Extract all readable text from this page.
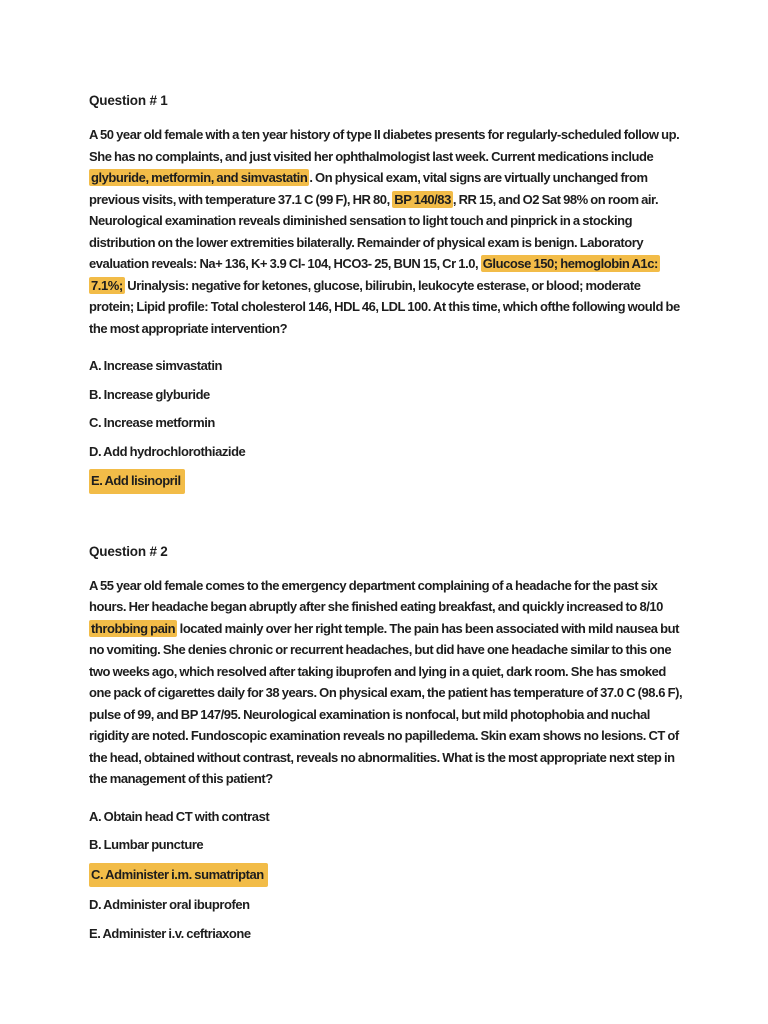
Question # 1

A 50 year old female with a ten year history of type II diabetes presents for regularly-scheduled follow up. She has no complaints, and just visited her ophthalmologist last week. Current medications include glyburide, metformin, and simvastatin . On physical exam, vital signs are virtually unchanged from previous visits, with temperature 37.1 C (99 F), HR 80, BP 140/83 , RR 15, and O2 Sat 98% on room air. Neurological examination reveals diminished sensation to light touch and pinprick in a stocking distribution on the lower extremities bilaterally. Remainder of physical exam is benign. Laboratory evaluation reveals: Na+ 136, K+ 3.9 Cl- 104, HCO3- 25, BUN 15, Cr 1.0, Glucose 150; hemoglobin A1c: 7.1%; Urinalysis: negative for ketones, glucose, bilirubin, leukocyte esterase, or blood; moderate protein; Lipid profile: Total cholesterol 146, HDL 46, LDL 100. At this time, which ofthe following would be the most appropriate intervention?

A. Increase simvastatin

B. Increase glyburide

C. Increase metformin

D. Add hydrochlorothiazide

E. Add lisinopril

Question # 2

A 55 year old female comes to the emergency department complaining of a headache for the past six hours. Her headache began abruptly after she finished eating breakfast, and quickly increased to 8/10 throbbing pain located mainly over her right temple. The pain has been associated with mild nausea but no vomiting. She denies chronic or recurrent headaches, but did have one headache similar to this one two weeks ago, which resolved after taking ibuprofen and lying in a quiet, dark room. She has smoked one pack of cigarettes daily for 38 years. On physical exam, the patient has temperature of 37.0 C (98.6 F), pulse of 99, and BP 147/95. Neurological examination is nonfocal, but mild photophobia and nuchal rigidity are noted. Fundoscopic examination reveals no papilledema. Skin exam shows no lesions. CT of the head, obtained without contrast, reveals no abnormalities. What is the most appropriate next step in the management of this patient?

A. Obtain head CT with contrast

B. Lumbar puncture

C. Administer i.m. sumatriptan

D. Administer oral ibuprofen

E. Administer i.v. ceftriaxone
